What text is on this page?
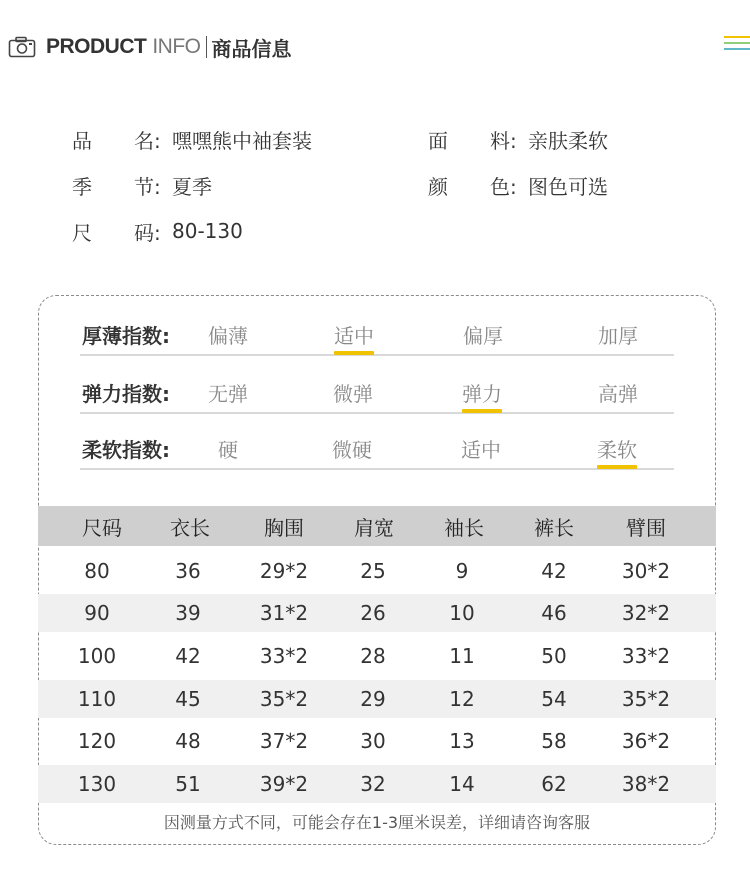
PRODUCT INFO 商品信息
品 名: 嘿嘿熊中袖套装	面 料: 亲肤柔软
季 节: 夏季	颜 色: 图色可选
尺 码: 80-130
厚薄指数: 偏薄	适中	偏厚	加厚
弹力指数: 无弹	微弹	弹力	高弹
柔软指数: 硬	微硬	适中	柔软
尺码	衣长	胸围	肩宽	袖长	裤长	臂围
80	36	29*2	25	9	42	30*2
90	39	31*2	26	10	46	32*2
100	42	33*2	28	11	50	33*2
110	45	35*2	29	12	54	35*2
120	48	37*2	30	13	58	36*2
130	51	39*2	32	14	62	38*2
因测量方式不同，可能会存在1-3厘米误差，详细请咨询客服
